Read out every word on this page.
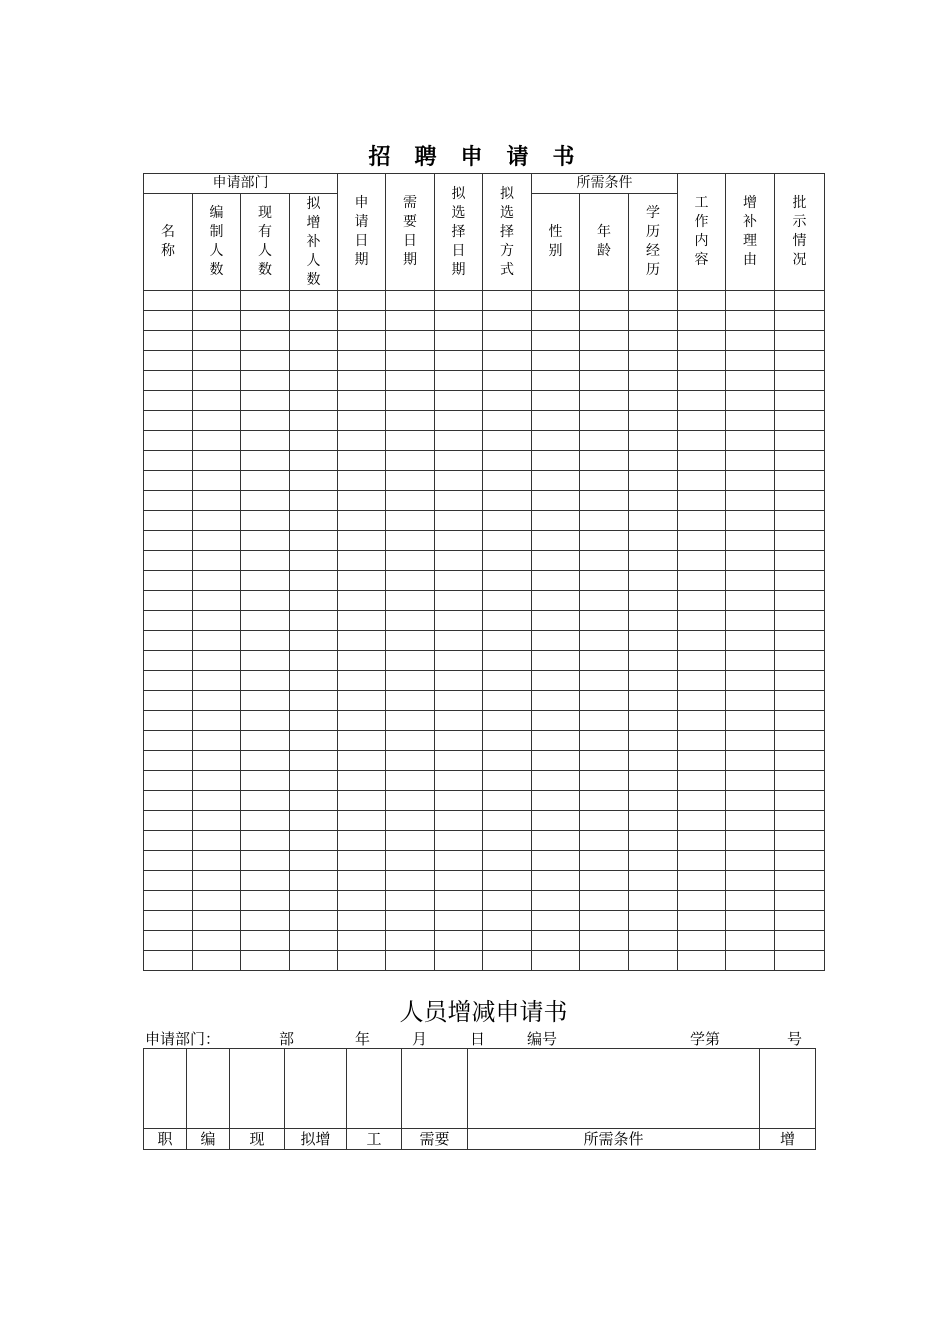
招聘申请书
申请部门				申请日期	需要日期	拟选择日期	拟选择方式	所需条件			工作内容	增补理由	批示情况
名称	编制人数	现有人数	拟增补人数					性别	年龄	学历经历			

人员增减申请书
申请部门：	部	年	月	日	编号	学第	号

职	编	现	拟增	工	需要	所需条件	增
